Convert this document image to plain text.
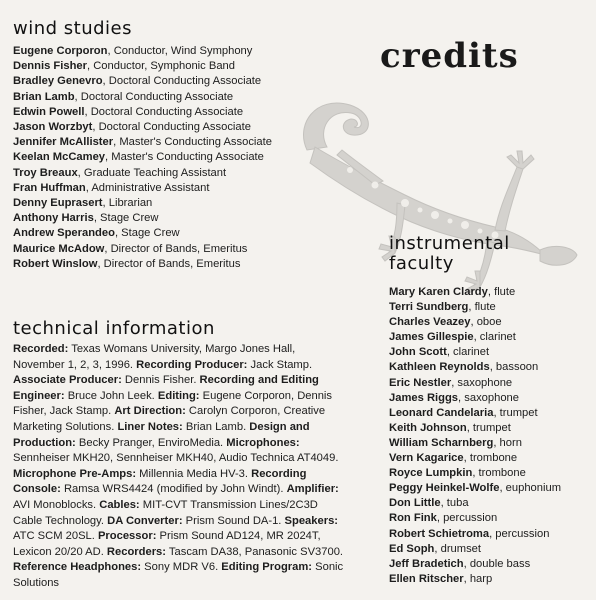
wind studies
Eugene Corporon, Conductor, Wind Symphony
Dennis Fisher, Conductor, Symphonic Band
Bradley Genevro, Doctoral Conducting Associate
Brian Lamb, Doctoral Conducting Associate
Edwin Powell, Doctoral Conducting Associate
Jason Worzbyt, Doctoral Conducting Associate
Jennifer McAllister, Master's Conducting Associate
Keelan McCamey, Master's Conducting Associate
Troy Breaux, Graduate Teaching Assistant
Fran Huffman, Administrative Assistant
Denny Euprasert, Librarian
Anthony Harris, Stage Crew
Andrew Sperandeo, Stage Crew
Maurice McAdow, Director of Bands, Emeritus
Robert Winslow, Director of Bands, Emeritus
credits
technical information
Recorded: Texas Womans University, Margo Jones Hall, November 1, 2, 3, 1996. Recording Producer: Jack Stamp. Associate Producer: Dennis Fisher. Recording and Editing Engineer: Bruce John Leek. Editing: Eugene Corporon, Dennis Fisher, Jack Stamp. Art Direction: Carolyn Corporon, Creative Marketing Solutions. Liner Notes: Brian Lamb. Design and Production: Becky Pranger, EnviroMedia. Microphones: Sennheiser MKH20, Sennheiser MKH40, Audio Technica AT4049. Microphone Pre-Amps: Millennia Media HV-3. Recording Console: Ramsa WRS4424 (modified by John Windt). Amplifier: AVI Monoblocks. Cables: MIT-CVT Transmission Lines/2C3D Cable Technology. DA Converter: Prism Sound DA-1. Speakers: ATC SCM 20SL. Processor: Prism Sound AD124, MR 2024T, Lexicon 20/20 AD. Recorders: Tascam DA38, Panasonic SV3700. Reference Headphones: Sony MDR V6. Editing Program: Sonic Solutions
instrumental
faculty
Mary Karen Clardy, flute
Terri Sundberg, flute
Charles Veazey, oboe
James Gillespie, clarinet
John Scott, clarinet
Kathleen Reynolds, bassoon
Eric Nestler, saxophone
James Riggs, saxophone
Leonard Candelaria, trumpet
Keith Johnson, trumpet
William Scharnberg, horn
Vern Kagarice, trombone
Royce Lumpkin, trombone
Peggy Heinkel-Wolfe, euphonium
Don Little, tuba
Ron Fink, percussion
Robert Schietroma, percussion
Ed Soph, drumset
Jeff Bradetich, double bass
Ellen Ritscher, harp
